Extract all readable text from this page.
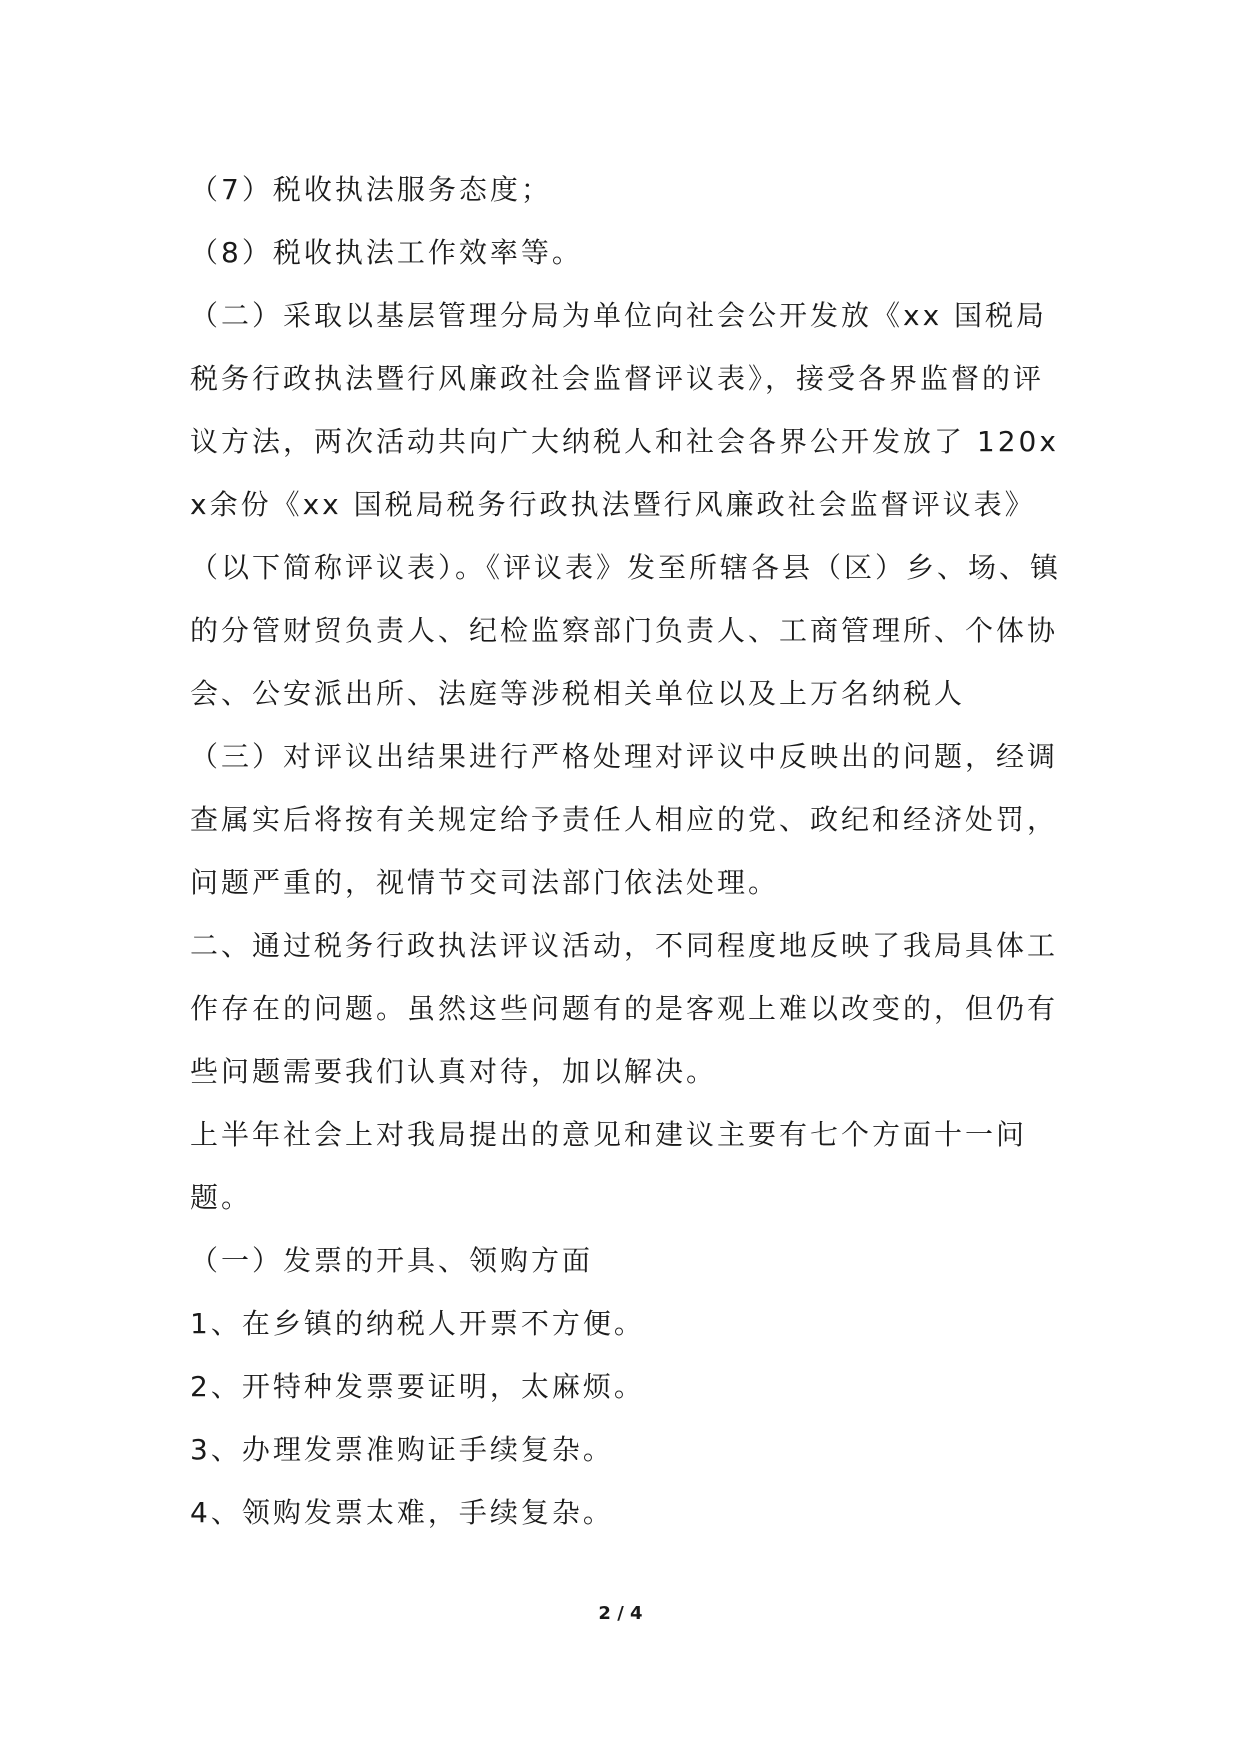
（7）税收执法服务态度；

（8）税收执法工作效率等。

（二）采取以基层管理分局为单位向社会公开发放《xx 国税局税务行政执法暨行风廉政社会监督评议表》，接受各界监督的评议方法，两次活动共向广大纳税人和社会各界公开发放了 120xx余份《xx 国税局税务行政执法暨行风廉政社会监督评议表》（以下简称评议表）。《评议表》发至所辖各县（区）乡、场、镇的分管财贸负责人、纪检监察部门负责人、工商管理所、个体协会、公安派出所、法庭等涉税相关单位以及上万名纳税人

（三）对评议出结果进行严格处理对评议中反映出的问题，经调查属实后将按有关规定给予责任人相应的党、政纪和经济处罚，问题严重的，视情节交司法部门依法处理。

二、通过税务行政执法评议活动，不同程度地反映了我局具体工作存在的问题。虽然这些问题有的是客观上难以改变的，但仍有些问题需要我们认真对待，加以解决。

上半年社会上对我局提出的意见和建议主要有七个方面十一问题。

（一）发票的开具、领购方面

1、在乡镇的纳税人开票不方便。

2、开特种发票要证明，太麻烦。

3、办理发票准购证手续复杂。

4、领购发票太难，手续复杂。

2 / 4
